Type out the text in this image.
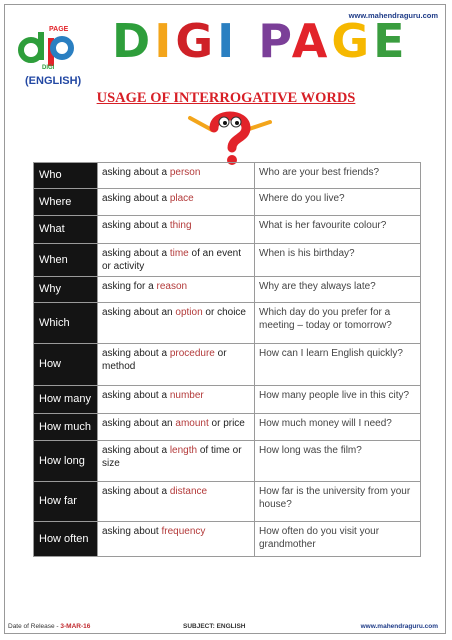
www.mahendraguru.com
PAGE
DIGI DIGI PAGE
(ENGLISH)
USAGE OF INTERROGATIVE WORDS
Who	asking about a person	Who are your best friends?
Where	asking about a place	Where do you live?
What	asking about a thing	What is her favourite colour?
When	asking about a time of an event or activity	When is his birthday?
Why	asking for a reason	Why are they always late?
Which	asking about an option or choice	Which day do you prefer for a meeting – today or tomorrow?
How	asking about a procedure or method	How can I learn English quickly?
How many	asking about a number	How many people live in this city?
How much	asking about an amount or price	How much money will I need?
How long	asking about a length of time or size	How long was the film?
How far	asking about a distance	How far is the university from your house?
How often	asking about frequency	How often do you visit your grandmother
Date of Release - 3-MAR-16	SUBJECT: ENGLISH	www.mahendraguru.com
